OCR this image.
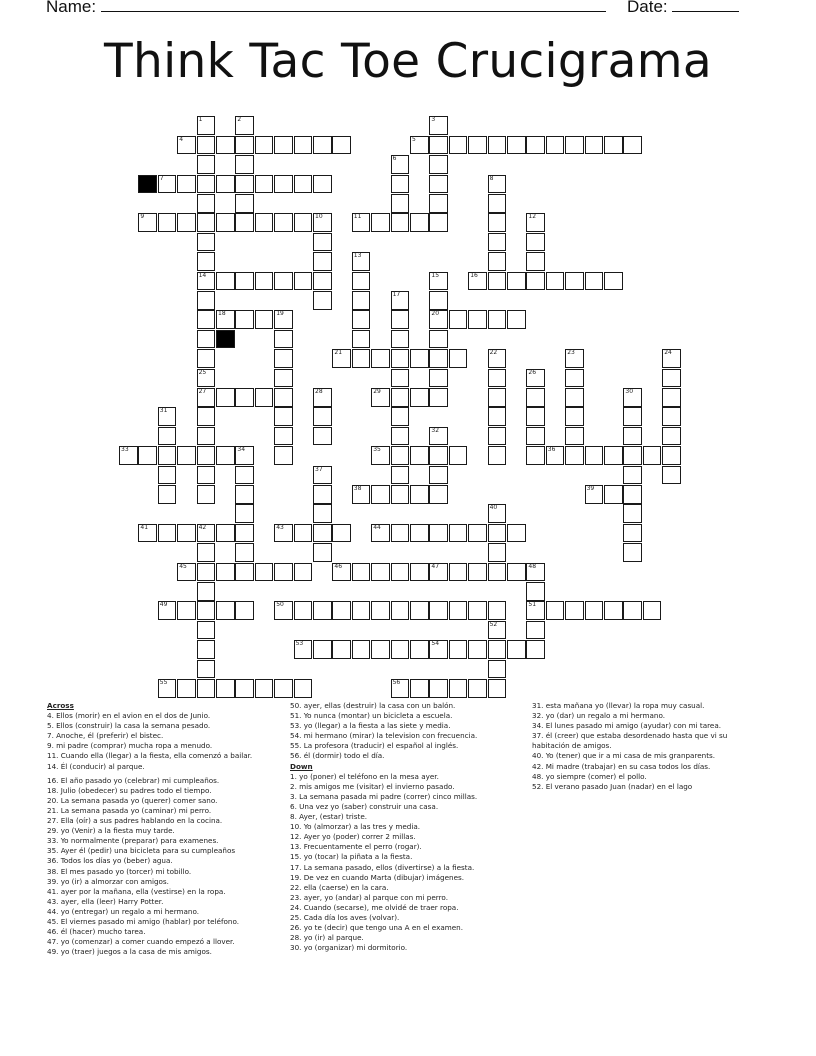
Name:	Date:
Think Tac Toe Crucigrama
1
14
2	3
4	5
6
7	8
9	10	11	12
13
15
20
16
17
18	19
21	22	23	24
25
27
26
28	29	30
31
32
33	34	35	36
37
38	39
40
41	42	43	44
45	46	47	48
51
49	50
52
53	54
55	56
Across
4. Ellos (morir) en el avion en el dos de Junio.
5. Ellos (construir) la casa la semana pesado.
7. Anoche, él (preferir) el bistec.
9. mi padre (comprar) mucha ropa a menudo.
11. Cuando ella (llegar) a la fiesta, ella comenzó a bailar.
14. Él (conducir) al parque.
16. El año pasado yo (celebrar) mi cumpleaños.
18. Julio (obedecer) su padres todo el tiempo.
20. La semana pasada yo (querer) comer sano.
21. La semana pasada yo (caminar) mi perro.
27. Ella (oír) a sus padres hablando en la cocina.
29. yo (Venir) a la fiesta muy tarde.
33. Yo normalmente (preparar) para examenes.
35. Ayer él (pedir) una bicicleta para su cumpleaños
36. Todos los días yo (beber) agua.
38. El mes pasado yo (torcer) mi tobillo.
39. yo (ir) a almorzar con amigos.
41. ayer por la mañana, ella (vestirse) en la ropa.
43. ayer, ella (leer) Harry Potter.
44. yo (entregar) un regalo a mi hermano.
45. El viernes pasado mi amigo (hablar) por teléfono.
46. él (hacer) mucho tarea.
47. yo (comenzar) a comer cuando empezó a llover.
49. yo (traer) juegos a la casa de mis amigos.
50. ayer, ellas (destruir) la casa con un balón.
51. Yo nunca (montar) un bicicleta a escuela.
53. yo (llegar) a la fiesta a las siete y media.
54. mi hermano (mirar) la television con frecuencia.
55. La profesora (traducir) el español al inglés.
56. él (dormir) todo el día.
Down
1. yo (poner) el teléfono en la mesa ayer.
2. mis amigos me (visitar) el invierno pasado.
3. La semana pasada mi padre (correr) cinco millas.
6. Una vez yo (saber) construir una casa.
8. Ayer, (estar) triste.
10. Yo (almorzar) a las tres y media.
12. Ayer yo (poder) correr 2 millas.
13. Frecuentamente el perro (rogar).
15. yo (tocar) la piñata a la fiesta.
17. La semana pasado, ellos (divertirse) a la fiesta.
19. De vez en cuando Marta (dibujar) imágenes.
22. ella (caerse) en la cara.
23. ayer, yo (andar) al parque con mi perro.
24. Cuando (secarse), me olvidé de traer ropa.
25. Cada día los aves (volvar).
26. yo te (decir) que tengo una A en el examen.
28. yo (ir) al parque.
30. yo (organizar) mi dormitorio.
31. esta mañana yo (llevar) la ropa muy casual.
32. yo (dar) un regalo a mi hermano.
34. El lunes pasado mi amigo (ayudar) con mi tarea.
37. él (creer) que estaba desordenado hasta que vi su habitación de amigos.
40. Yo (tener) que ir a mi casa de mis granparents.
42. Mi madre (trabajar) en su casa todos los días.
48. yo siempre (comer) el pollo.
52. El verano pasado Juan (nadar) en el lago
